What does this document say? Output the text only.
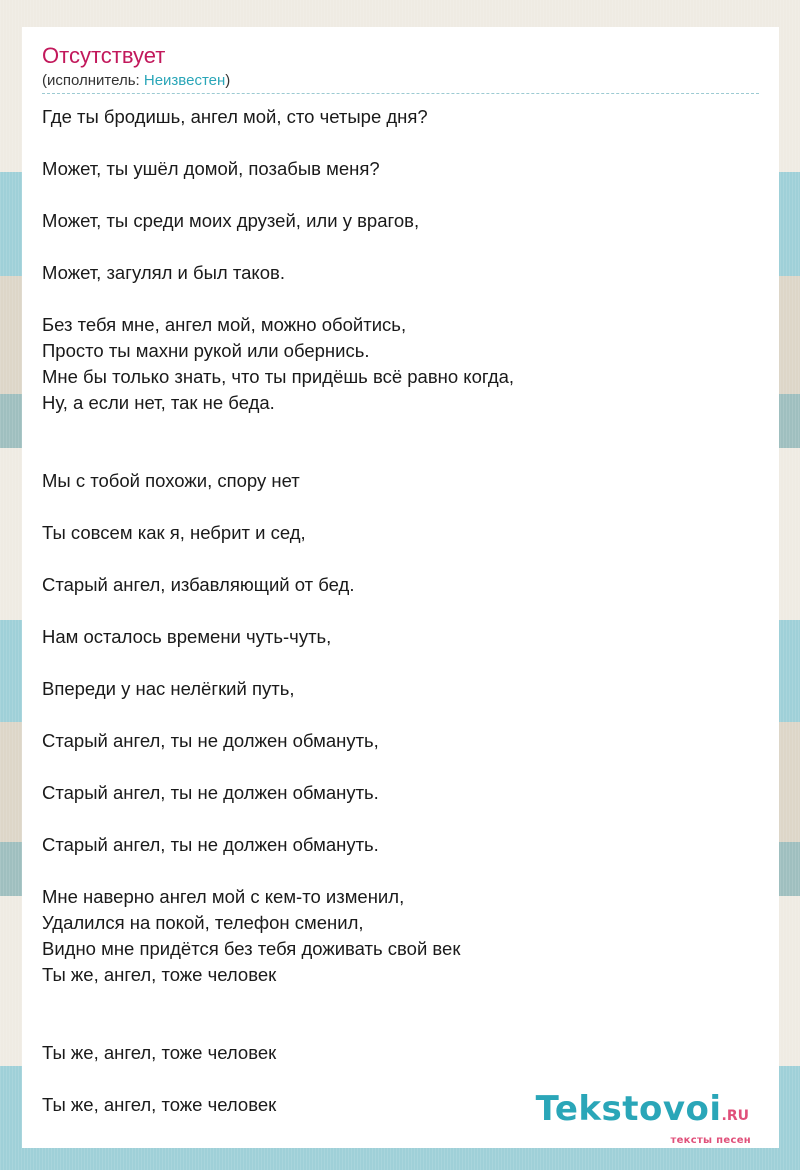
Отсутствует
(исполнитель: Неизвестен)
Где ты бродишь, ангел мой, сто четыре дня?

Может, ты ушёл домой, позабыв меня?

Может, ты среди моих друзей, или у врагов,

Может, загулял и был таков.

Без тебя мне, ангел мой, можно обойтись,
Просто ты махни рукой или обернись.
Мне бы только знать, что ты придёшь всё равно когда,
Ну, а если нет, так не беда.

Мы с тобой похожи, спору нет

Ты совсем как я, небрит и сед,

Старый ангел, избавляющий от бед.

Нам осталось времени чуть-чуть,

Впереди у нас нелёгкий путь,

Старый ангел, ты не должен обмануть,

Старый ангел, ты не должен обмануть.

Старый ангел, ты не должен обмануть.

Мне наверно ангел мой с кем-то изменил,
Удалился на покой, телефон сменил,
Видно мне придётся без тебя доживать свой век
Ты же, ангел, тоже человек

Ты же, ангел, тоже человек

Ты же, ангел, тоже человек	Tekstovoi.RU
тексты песен
